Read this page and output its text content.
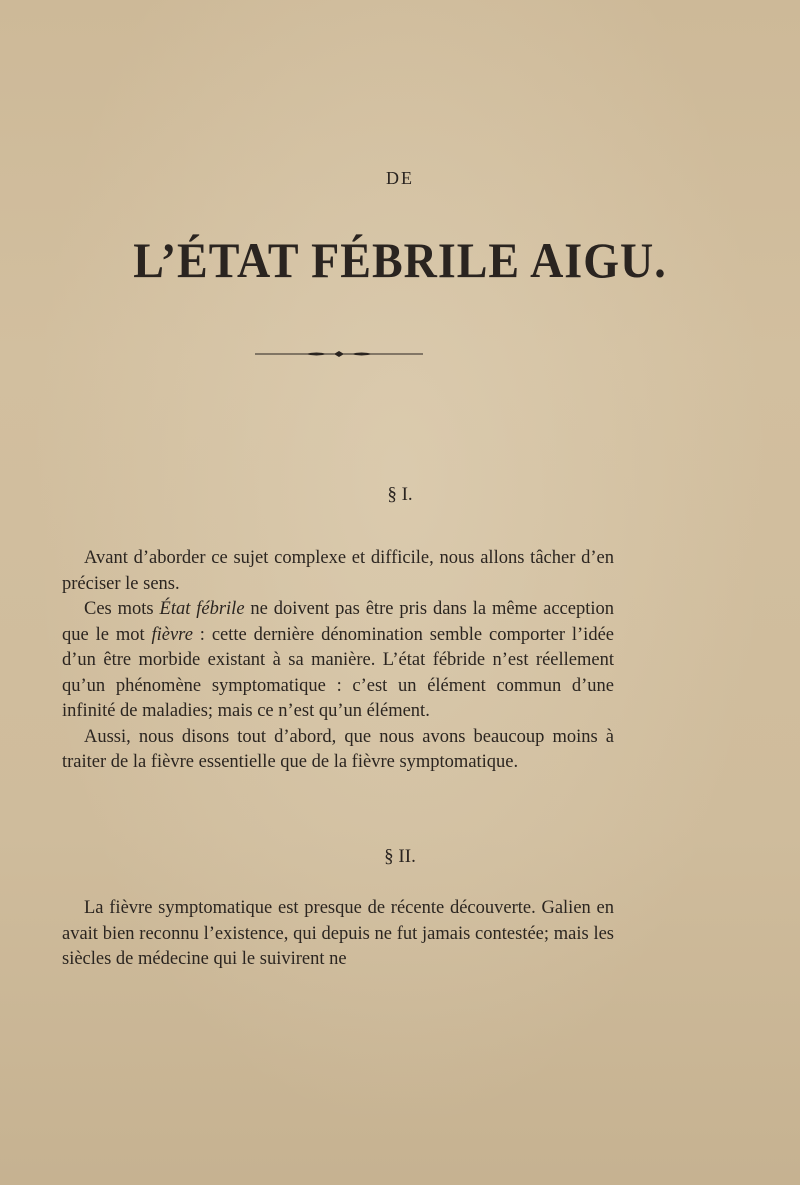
DE
L’ÉTAT FÉBRILE AIGU.
§ I.

Avant d’aborder ce sujet complexe et difficile, nous allons tâcher d’en préciser le sens.

Ces mots État fébrile ne doivent pas être pris dans la même acception que le mot fièvre : cette dernière dénomination semble comporter l’idée d’un être morbide existant à sa manière. L’état fébride n’est réellement qu’un phénomène symptomatique : c’est un élément commun d’une infinité de maladies; mais ce n’est qu’un élément.

Aussi, nous disons tout d’abord, que nous avons beaucoup moins à traiter de la fièvre essentielle que de la fièvre symptomatique.

§ II.

La fièvre symptomatique est presque de récente découverte. Galien en avait bien reconnu l’existence, qui depuis ne fut jamais contestée; mais les siècles de médecine qui le suivirent ne
